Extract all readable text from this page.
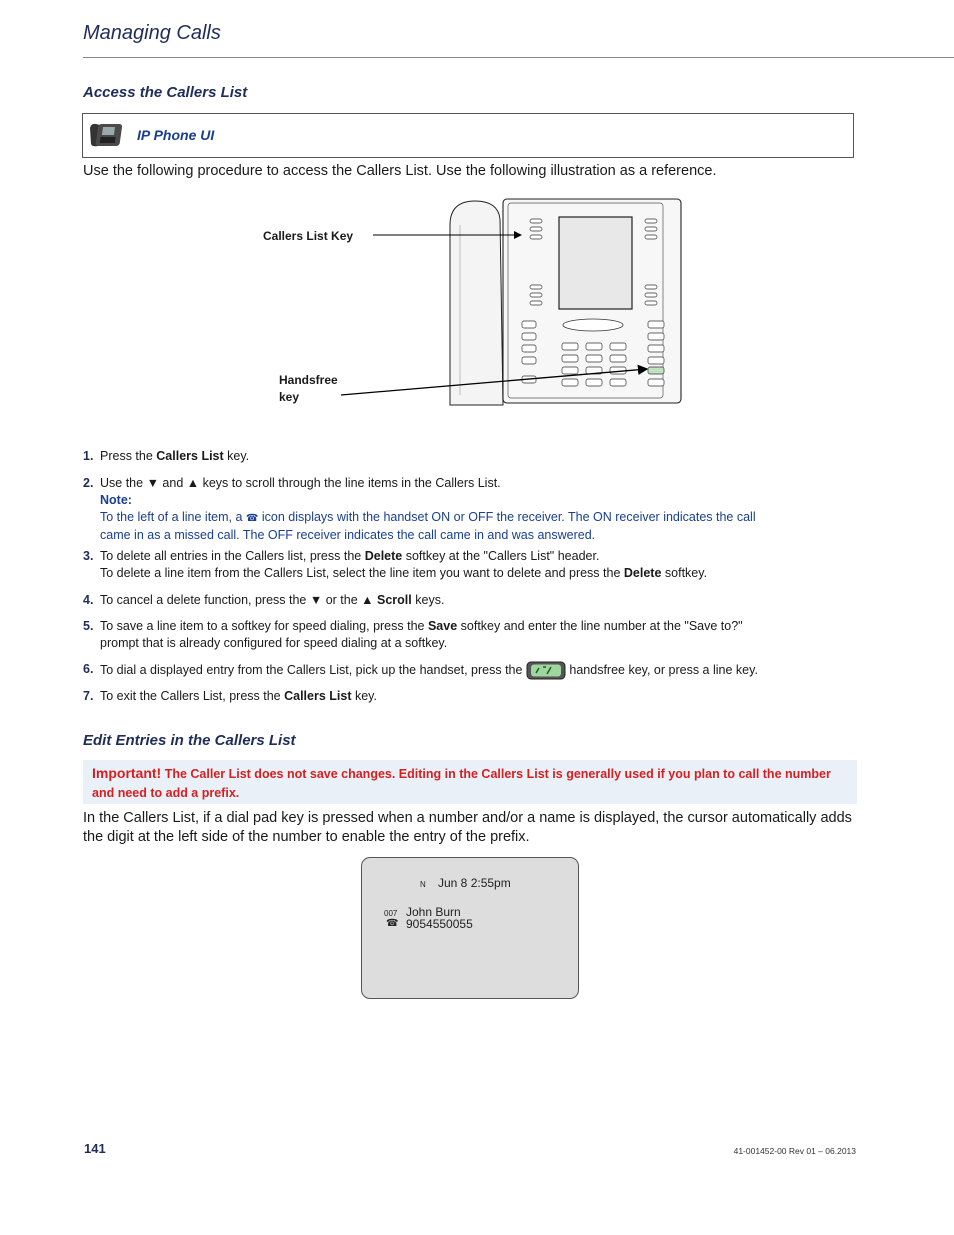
Managing Calls
Access the Callers List
IP Phone UI
Use the following procedure to access the Callers List. Use the following illustration as a reference.
Callers List Key
Handsfree
key
1. Press the Callers List key.
2. Use the ▼ and ▲ keys to scroll through the line items in the Callers List.
Note:
To the left of a line item, a ☎ icon displays with the handset ON or OFF the receiver. The ON receiver indicates the call came in as a missed call. The OFF receiver indicates the call came in and was answered.
3. To delete all entries in the Callers list, press the Delete softkey at the "Callers List" header.
To delete a line item from the Callers List, select the line item you want to delete and press the Delete softkey.
4. To cancel a delete function, press the ▼ or the ▲ Scroll keys.
5. To save a line item to a softkey for speed dialing, press the Save softkey and enter the line number at the "Save to?" prompt that is already configured for speed dialing at a softkey.
6. To dial a displayed entry from the Callers List, pick up the handset, press the	handsfree key, or press a line key.
7. To exit the Callers List, press the Callers List key.
Edit Entries in the Callers List
Important! The Caller List does not save changes. Editing in the Callers List is generally used if you plan to call the number and need to add a prefix.
In the Callers List, if a dial pad key is pressed when a number and/or a name is displayed, the cursor automatically adds the digit at the left side of the number to enable the entry of the prefix.
N Jun 8 2:55pm
007 John Burn
☎ 9054550055
141	41-001452-00 Rev 01 – 06.2013
